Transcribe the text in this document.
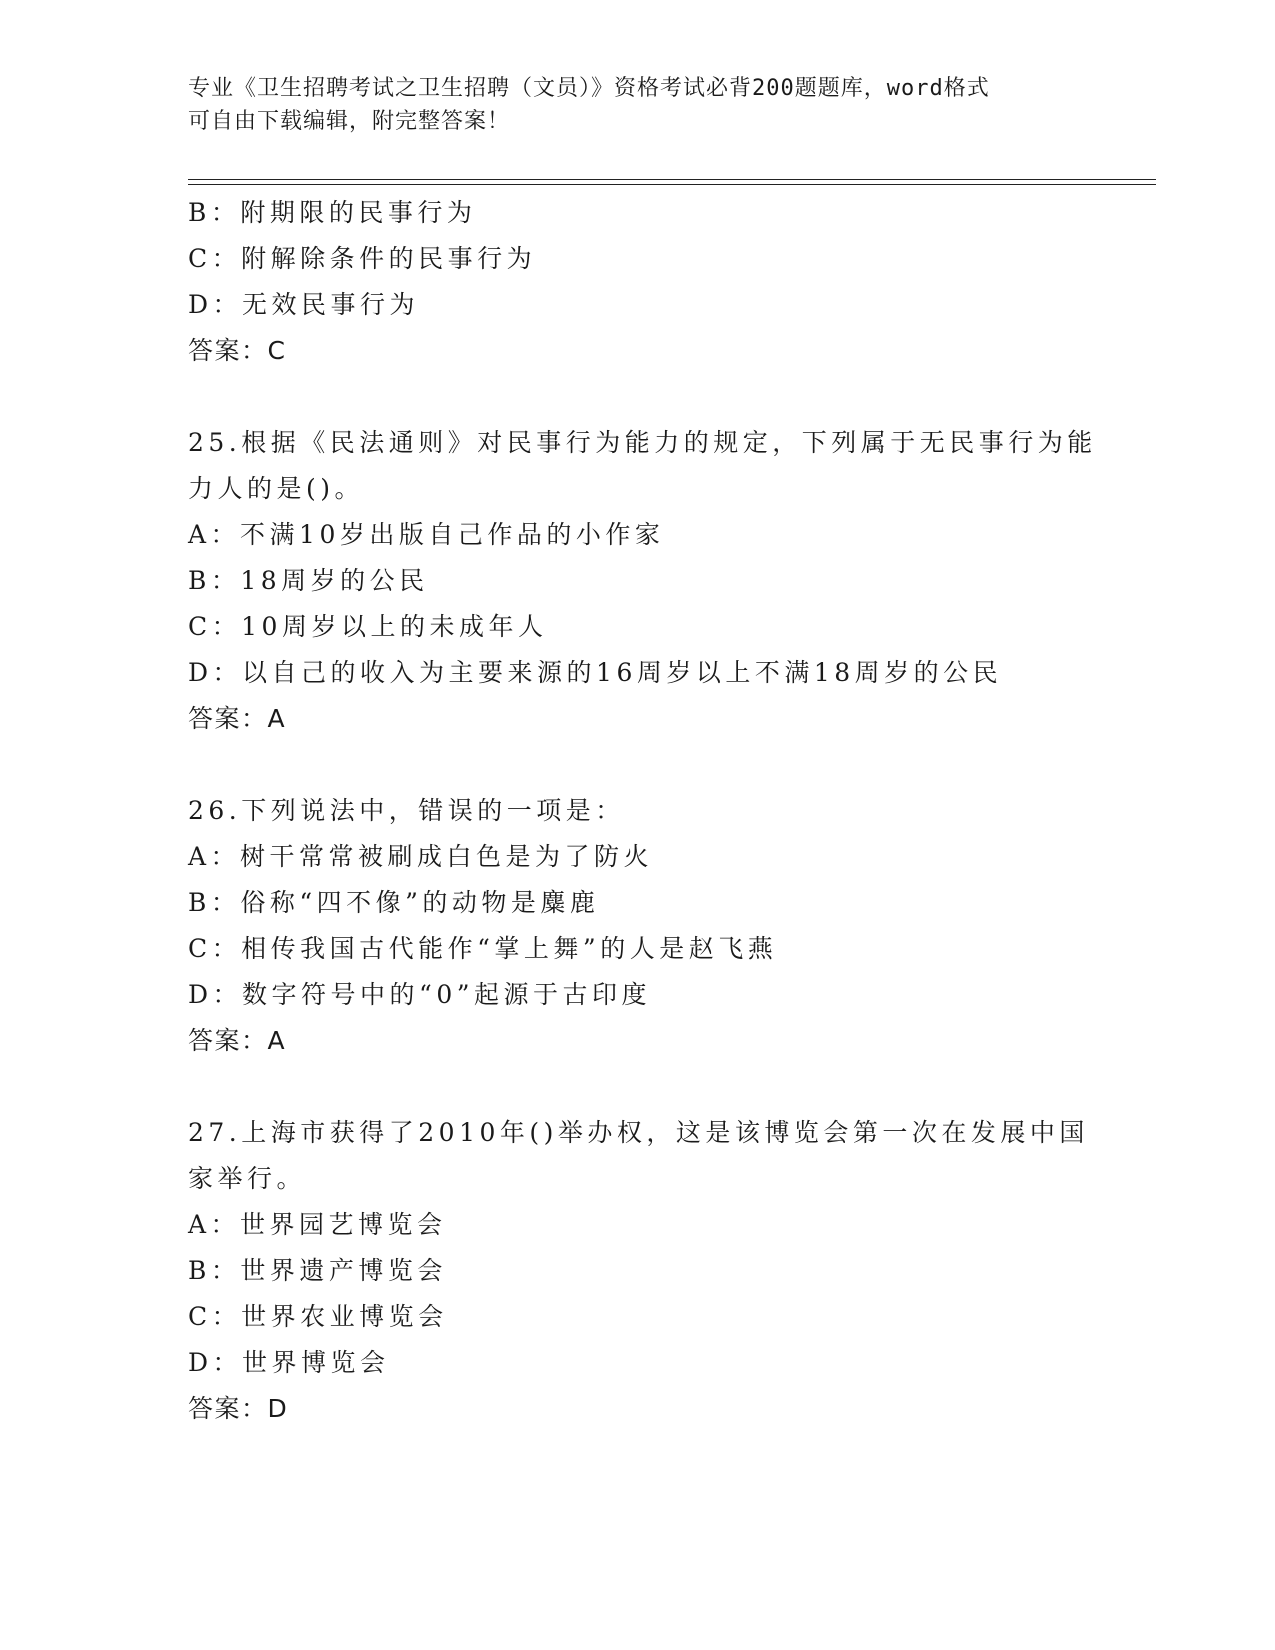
专业《卫生招聘考试之卫生招聘（文员）》资格考试必背200题题库，word格式
可自由下载编辑，附完整答案！
B：附期限的民事行为
C：附解除条件的民事行为
D：无效民事行为
答案：C
25.根据《民法通则》对民事行为能力的规定，下列属于无民事行为能
力人的是()。
A：不满10岁出版自己作品的小作家
B：18周岁的公民
C：10周岁以上的未成年人
D：以自己的收入为主要来源的16周岁以上不满18周岁的公民
答案：A
26.下列说法中，错误的一项是：
A：树干常常被刷成白色是为了防火
B：俗称“四不像”的动物是麋鹿
C：相传我国古代能作“掌上舞”的人是赵飞燕
D：数字符号中的“0”起源于古印度
答案：A
27.上海市获得了2010年()举办权，这是该博览会第一次在发展中国
家举行。
A：世界园艺博览会
B：世界遗产博览会
C：世界农业博览会
D：世界博览会
答案：D
